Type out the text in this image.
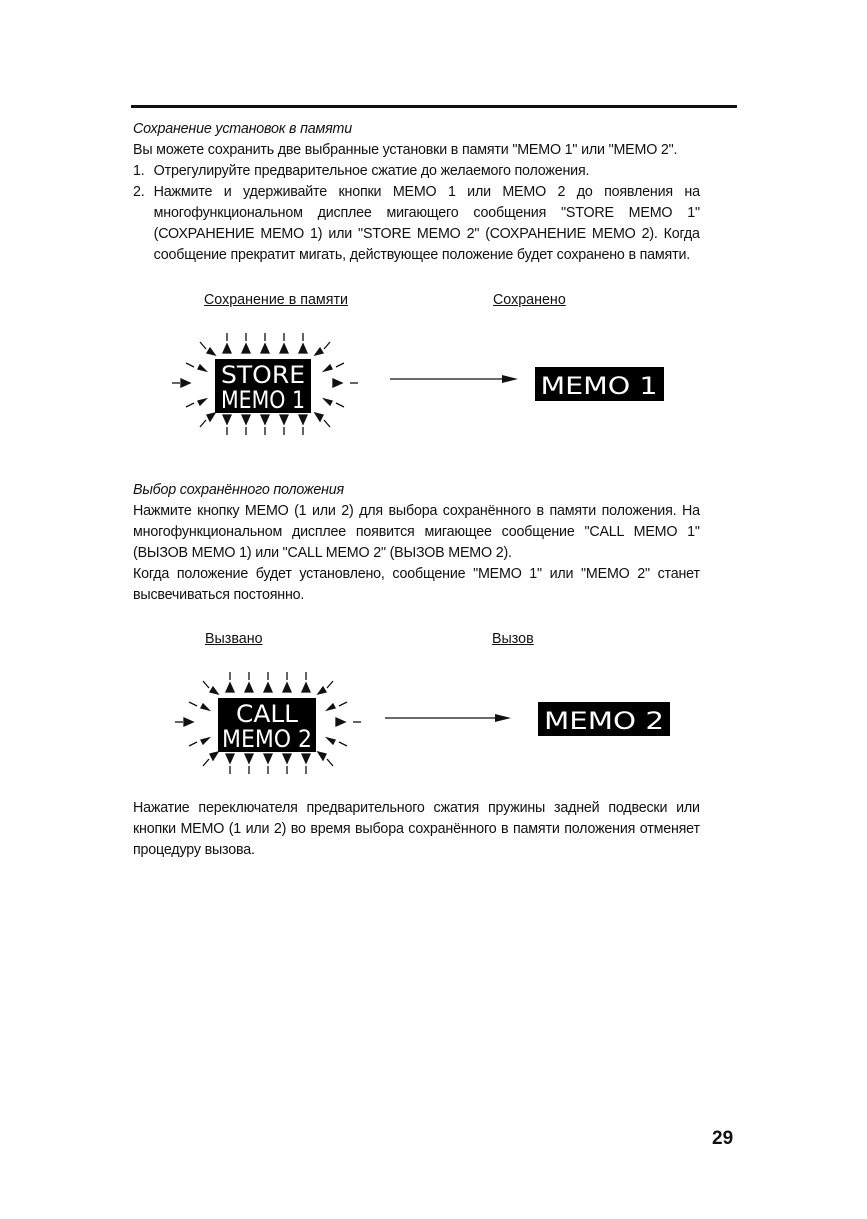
Сохранение установок в памяти

Вы можете сохранить две выбранные установки в памяти "MEMO 1" или "MEMO 2".

1. Отрегулируйте предварительное сжатие до желаемого положения.
2. Нажмите и удерживайте кнопки MEMO 1 или MEMO 2 до появления на многофункциональном дисплее мигающего сообщения "STORE MEMO 1" (СОХРАНЕНИЕ MEMO 1) или "STORE MEMO 2" (СОХРАНЕНИЕ MEMO 2). Когда сообщение прекратит мигать, действующее положение будет сохранено в памяти.
Сохранение в памяти	Сохранено
STORE
MEMO 1	MEMO 1

Выбор сохранённого положения

Нажмите кнопку MEMO (1 или 2) для выбора сохранённого в памяти положения. На многофункциональном дисплее появится мигающее сообщение "CALL MEMO 1" (ВЫЗОВ MEMO 1) или "CALL MEMO 2" (ВЫЗОВ MEMO 2).

Когда положение будет установлено, сообщение "MEMO 1" или "MEMO 2" станет высвечиваться постоянно.

Вызвано	Вызов
CALL
MEMO 2
MEMO 2

Нажатие переключателя предварительного сжатия пружины задней подвески или кнопки MEMO (1 или 2) во время выбора сохранённого в памяти положения отменяет процедуру вызова.

29
